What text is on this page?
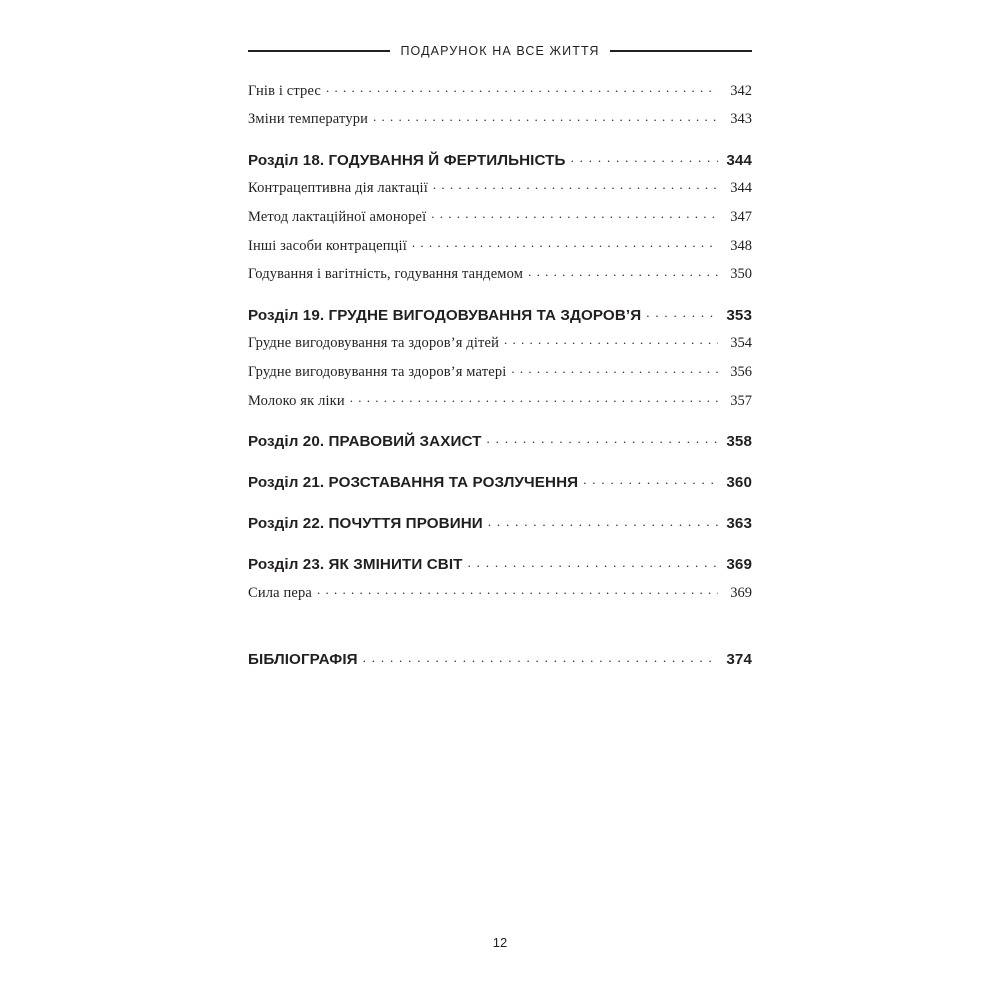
ПОДАРУНОК НА ВСЕ ЖИТТЯ
Гнів і стрес . . .	342
Зміни температури . . .	343
Розділ 18. ГОДУВАННЯ Й ФЕРТИЛЬНІСТЬ . . .	344
Контрацептивна дія лактації . . .	344
Метод лактаційної амонореї . . .	347
Інші засоби контрацепції . . .	348
Годування і вагітність, годування тандемом . . .	350
Розділ 19. ГРУДНЕ ВИГОДОВУВАННЯ ТА ЗДОРОВ’Я . . .	353
Грудне вигодовування та здоров’я дітей . . .	354
Грудне вигодовування та здоров’я матері . . .	356
Молоко як ліки . . .	357
Розділ 20. ПРАВОВИЙ ЗАХИСТ . . .	358
Розділ 21. РОЗСТАВАННЯ ТА РОЗЛУЧЕННЯ . . .	360
Розділ 22. ПОЧУТТЯ ПРОВИНИ . . .	363
Розділ 23. ЯК ЗМІНИТИ СВІТ . . .	369
Сила пера . . .	369
БІБЛІОГРАФІЯ . . .	374
12
